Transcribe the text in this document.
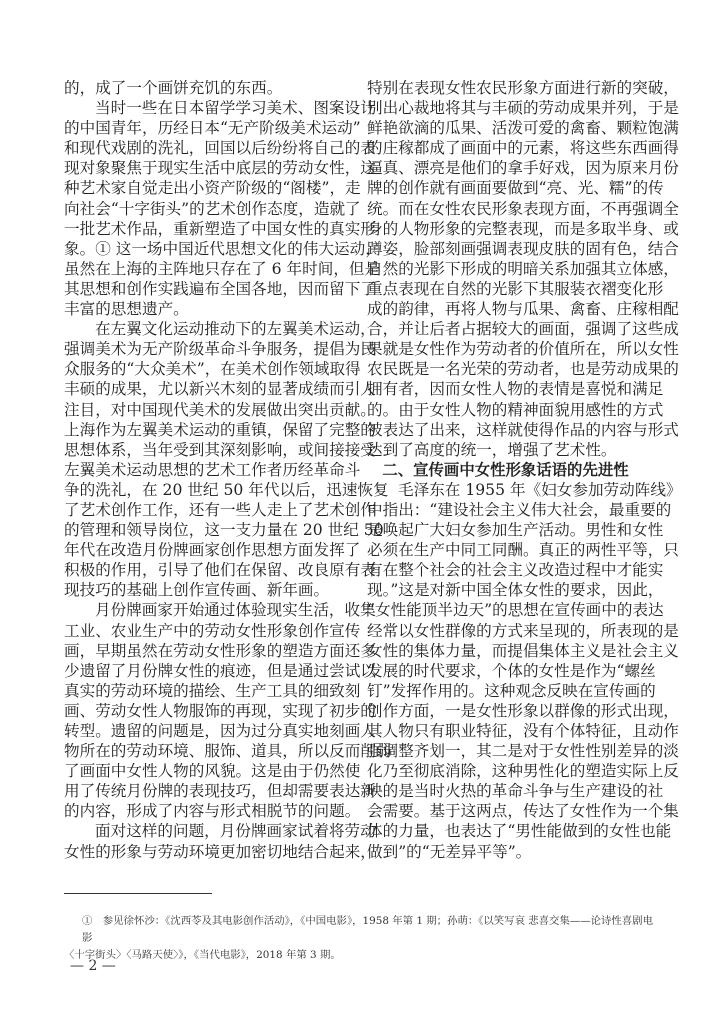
的，成了一个画饼充饥的东西。
当时一些在日本留学学习美术、图案设计
的中国青年，历经日本“无产阶级美术运动”
和现代戏剧的洗礼，回国以后纷纷将自己的表
现对象聚焦于现实生活中底层的劳动女性，这
种艺术家自觉走出小资产阶级的“阁楼”，走
向社会“十字街头”的艺术创作态度，造就了
一批艺术作品，重新塑造了中国女性的真实形
象。① 这一场中国近代思想文化的伟大运动，
虽然在上海的主阵地只存在了 6 年时间，但是
其思想和创作实践遍布全国各地，因而留下了
丰富的思想遗产。
在左翼文化运动推动下的左翼美术运动，
强调美术为无产阶级革命斗争服务，提倡为民
众服务的“大众美术”，在美术创作领域取得
丰硕的成果，尤以新兴木刻的显著成绩而引人
注目，对中国现代美术的发展做出突出贡献。
上海作为左翼美术运动的重镇，保留了完整的
思想体系，当年受到其深刻影响，或间接接受
左翼美术运动思想的艺术工作者历经革命斗
争的洗礼，在 20 世纪 50 年代以后，迅速恢复
了艺术创作工作，还有一些人走上了艺术创作
的管理和领导岗位，这一支力量在 20 世纪 50
年代在改造月份牌画家创作思想方面发挥了
积极的作用，引导了他们在保留、改良原有表
现技巧的基础上创作宣传画、新年画。
月份牌画家开始通过体验现实生活，收集
工业、农业生产中的劳动女性形象创作宣传
画，早期虽然在劳动女性形象的塑造方面还多
少遗留了月份牌女性的痕迹，但是通过尝试以
真实的劳动环境的描绘、生产工具的细致刻
画、劳动女性人物服饰的再现，实现了初步的
转型。遗留的问题是，因为过分真实地刻画人
物所在的劳动环境、服饰、道具，所以反而削弱
了画面中女性人物的风貌。这是由于仍然使
用了传统月份牌的表现技巧，但却需要表达新
的内容，形成了内容与形式相脱节的问题。
面对这样的问题，月份牌画家试着将劳动
女性的形象与劳动环境更加密切地结合起来，
特别在表现女性农民形象方面进行新的突破，
别出心裁地将其与丰硕的劳动成果并列，于是
鲜艳欲滴的瓜果、活泼可爱的禽畜、颗粒饱满
的庄稼都成了画面中的元素，将这些东西画得
逼真、漂亮是他们的拿手好戏，因为原来月份
牌的创作就有画面要做到“亮、光、糯”的传
统。而在女性农民形象表现方面，不再强调全
身的人物形象的完整表现，而是多取半身、或
蹲姿，脸部刻画强调表现皮肤的固有色，结合
自然的光影下形成的明暗关系加强其立体感，
重点表现在自然的光影下其服装衣褶变化形
成的韵律，再将人物与瓜果、禽畜、庄稼相配
合，并让后者占据较大的画面，强调了这些成
果就是女性作为劳动者的价值所在，所以女性
农民既是一名光荣的劳动者，也是劳动成果的
拥有者，因而女性人物的表情是喜悦和满足
的。由于女性人物的精神面貌用感性的方式
被表达了出来，这样就使得作品的内容与形式
达到了高度的统一，增强了艺术性。
二、宣传画中女性形象话语的先进性
毛泽东在 1955 年《妇女参加劳动阵线》
中指出：“建设社会主义伟大社会，最重要的
是唤起广大妇女参加生产活动。男性和女性
必须在生产中同工同酬。真正的两性平等，只
有在整个社会的社会主义改造过程中才能实
现。”这是对新中国全体女性的要求，因此，
“女性能顶半边天”的思想在宣传画中的表达
经常以女性群像的方式来呈现的，所表现的是
女性的集体力量，而提倡集体主义是社会主义
发展的时代要求，个体的女性是作为“螺丝
钉”发挥作用的。这种观念反映在宣传画的
创作方面，一是女性形象以群像的形式出现，
其人物只有职业特征，没有个体特征，且动作
强调整齐划一，其二是对于女性性别差异的淡
化乃至彻底消除，这种男性化的塑造实际上反
映的是当时火热的革命斗争与生产建设的社
会需要。基于这两点，传达了女性作为一个集
体的力量，也表达了“男性能做到的女性也能
做到”的“无差异平等”。
①　参见徐怀沙：《沈西苓及其电影创作活动》，《中国电影》，1958 年第 1 期；孙萌：《以笑写哀 悲喜交集——论诗性喜剧电影
〈十字街头〉〈马路天使〉》，《当代电影》，2018 年第 3 期。
— 2 —
